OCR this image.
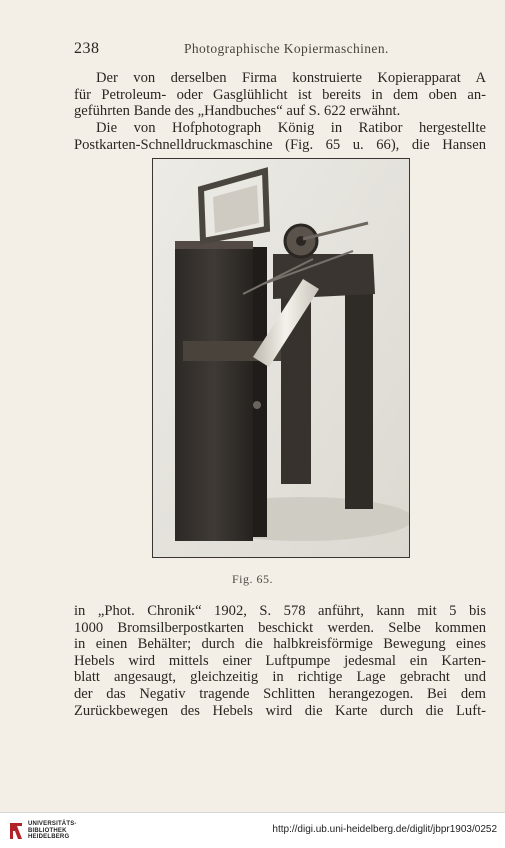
238	Photographische Kopiermaschinen.

Der von derselben Firma konstruierte Kopierapparat A
für Petroleum- oder Gasglühlicht ist bereits in dem oben an-
geführten Bande des „Handbuches“ auf S. 622 erwähnt.

Die von Hofphotograph König in Ratibor hergestellte
Postkarten-Schnelldruckmaschine (Fig. 65 u. 66), die Hansen

Fig. 65.

in „Phot. Chronik“ 1902, S. 578 anführt, kann mit 5 bis
1000 Bromsilberpostkarten beschickt werden. Selbe kommen
in einen Behälter; durch die halbkreisförmige Bewegung eines
Hebels wird mittels einer Luftpumpe jedesmal ein Karten-
blatt angesaugt, gleichzeitig in richtige Lage gebracht und
der das Negativ tragende Schlitten herangezogen. Bei dem
Zurückbewegen des Hebels wird die Karte durch die Luft-

UNIVERSITÄTS-
BIBLIOTHEK
HEIDELBERG
http://digi.ub.uni-heidelberg.de/diglit/jbpr1903/0252
